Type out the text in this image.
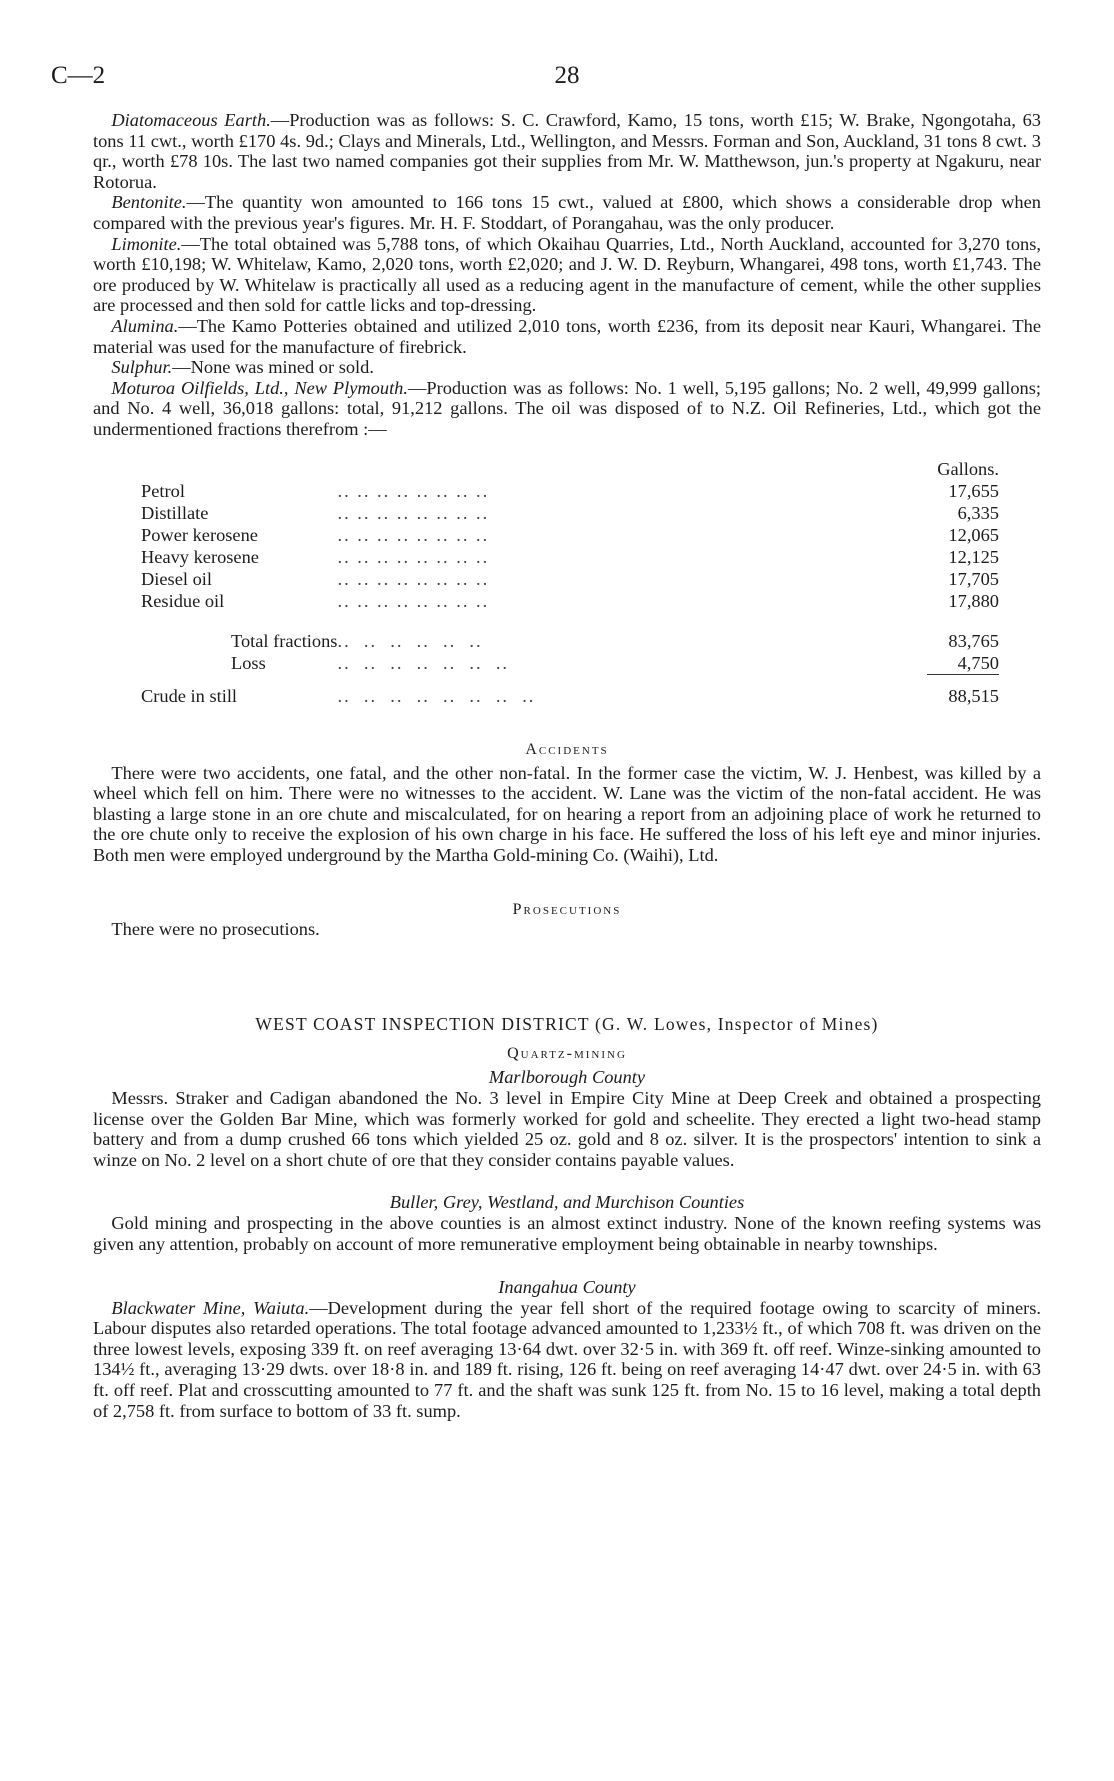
C—2	28

 Diatomaceous Earth.—Production was as follows: S. C. Crawford, Kamo, 15 tons, worth £15; W. Brake, Ngongotaha, 63 tons 11 cwt., worth £170 4s. 9d.; Clays and Minerals, Ltd., Wellington, and Messrs. Forman and Son, Auckland, 31 tons 8 cwt. 3 qr., worth £78 10s. The last two named companies got their supplies from Mr. W. Matthewson, jun.'s property at Ngakuru, near Rotorua.

 Bentonite.—The quantity won amounted to 166 tons 15 cwt., valued at £800, which shows a considerable drop when compared with the previous year's figures. Mr. H. F. Stoddart, of Porangahau, was the only producer.

 Limonite.—The total obtained was 5,788 tons, of which Okaihau Quarries, Ltd., North Auckland, accounted for 3,270 tons, worth £10,198; W. Whitelaw, Kamo, 2,020 tons, worth £2,020; and J. W. D. Reyburn, Whangarei, 498 tons, worth £1,743. The ore produced by W. Whitelaw is practically all used as a reducing agent in the manufacture of cement, while the other supplies are processed and then sold for cattle licks and top-dressing.

 Alumina.—The Kamo Potteries obtained and utilized 2,010 tons, worth £236, from its deposit near Kauri, Whangarei. The material was used for the manufacture of firebrick.

 Sulphur.—None was mined or sold.

 Moturoa Oilfields, Ltd., New Plymouth.—Production was as follows: No. 1 well, 5,195 gallons; No. 2 well, 49,999 gallons; and No. 4 well, 36,018 gallons: total, 91,212 gallons. The oil was disposed of to N.Z. Oil Refineries, Ltd., which got the undermentioned fractions therefrom :—

		Gallons.
Petrol	.. .. .. .. .. .. .. ..	17,655
Distillate	.. .. .. .. .. .. .. ..	6,335
Power kerosene	.. .. .. .. .. .. .. ..	12,065
Heavy kerosene	.. .. .. .. .. .. .. ..	12,125
Diesel oil	.. .. .. .. .. .. .. ..	17,705
Residue oil	.. .. .. .. .. .. .. ..	17,880

Total fractions	..  ..  ..  ..  ..  ..	83,765
Loss	..  ..  ..  ..  ..  ..  ..	4,750

Crude in still	..  ..  ..  ..  ..  ..  ..  ..	88,515
Accidents

 There were two accidents, one fatal, and the other non-fatal. In the former case the victim, W. J. Henbest, was killed by a wheel which fell on him. There were no witnesses to the accident. W. Lane was the victim of the non-fatal accident. He was blasting a large stone in an ore chute and miscalculated, for on hearing a report from an adjoining place of work he returned to the ore chute only to receive the explosion of his own charge in his face. He suffered the loss of his left eye and minor injuries. Both men were employed underground by the Martha Gold-mining Co. (Waihi), Ltd.

Prosecutions

 There were no prosecutions.

WEST COAST INSPECTION DISTRICT (G. W. Lowes, Inspector of Mines)
Quartz-mining
Marlborough County

 Messrs. Straker and Cadigan abandoned the No. 3 level in Empire City Mine at Deep Creek and obtained a prospecting license over the Golden Bar Mine, which was formerly worked for gold and scheelite. They erected a light two-head stamp battery and from a dump crushed 66 tons which yielded 25 oz. gold and 8 oz. silver. It is the prospectors' intention to sink a winze on No. 2 level on a short chute of ore that they consider contains payable values.

Buller, Grey, Westland, and Murchison Counties

 Gold mining and prospecting in the above counties is an almost extinct industry. None of the known reefing systems was given any attention, probably on account of more remunerative employment being obtainable in nearby townships.

Inangahua County

 Blackwater Mine, Waiuta.—Development during the year fell short of the required footage owing to scarcity of miners. Labour disputes also retarded operations. The total footage advanced amounted to 1,233½ ft., of which 708 ft. was driven on the three lowest levels, exposing 339 ft. on reef averaging 13·64 dwt. over 32·5 in. with 369 ft. off reef. Winze-sinking amounted to 134½ ft., averaging 13·29 dwts. over 18·8 in. and 189 ft. rising, 126 ft. being on reef averaging 14·47 dwt. over 24·5 in. with 63 ft. off reef. Plat and crosscutting amounted to 77 ft. and the shaft was sunk 125 ft. from No. 15 to 16 level, making a total depth of 2,758 ft. from surface to bottom of 33 ft. sump.
